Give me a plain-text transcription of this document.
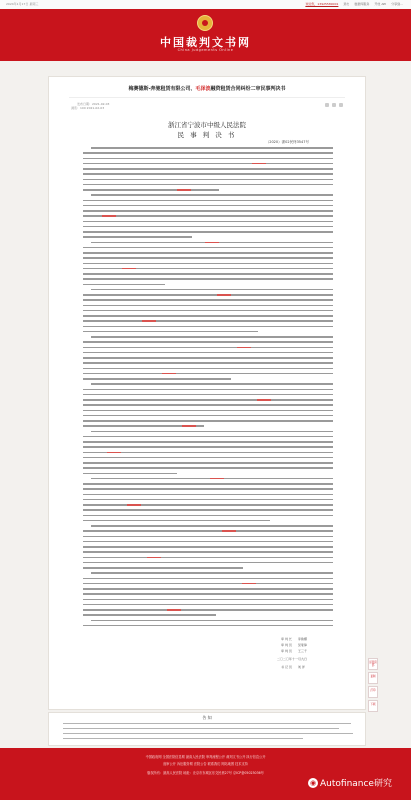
2024年1月17日 星期三	欢迎您，13925589001 退出 数据库服务 开放 API 分享到...
中国裁判文书网
China Judgements Online
梅赛德斯-奔驰租赁有限公司、毛泽波融资租赁合同纠纷二审民事判决书
发布日期：2021-02-03
浏览：100 2021-02-03
浙江省宁波市中级人民法院
民 事 判 决 书
（2020）浙02民终3547号
审 判 长　　李鲁娜
审 判 员　　吴斐璋
审 判 员　　王三千
二〇二〇年十一月九日
书 记 员　　刘 洋
告 知
返回顶部
复制
打印
下载
中国政府网 全国法院信息网 最高人民法院 审判流程公开 裁判文书公开 执行信息公开
庭审公开 诉讼服务网 法院公告 联系我们 网站地图 技术支持
版权所有：最高人民法院 地址：北京市东城区东交民巷27号 京ICP备05023036号
◉ Autofinance研究
